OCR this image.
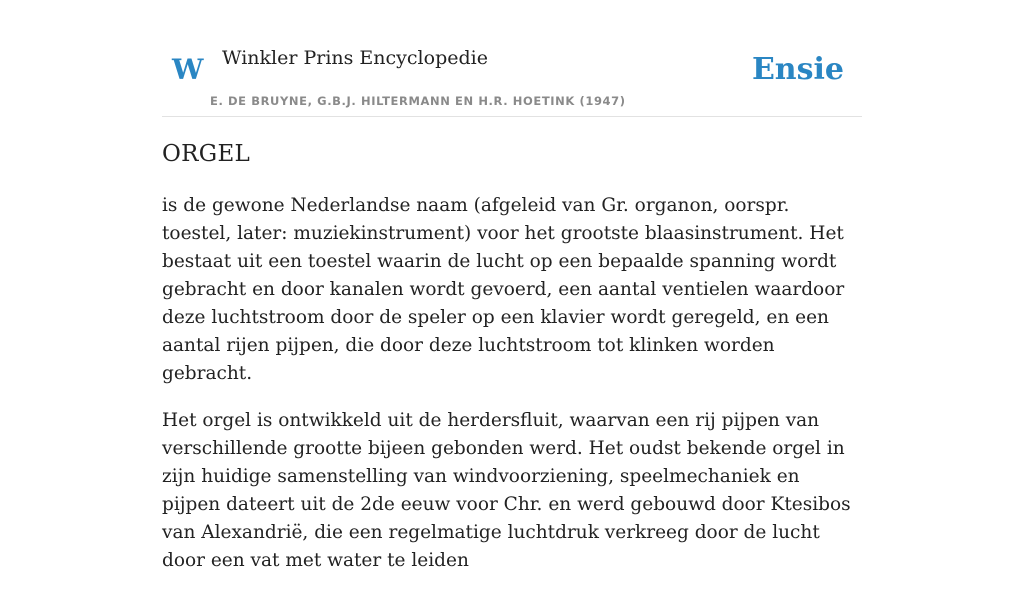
W Winkler Prins Encyclopedie
E. DE BRUYNE, G.B.J. HILTERMANN EN H.R. HOETINK (1947)
Ensie
ORGEL

is de gewone Nederlandse naam (afgeleid van Gr. organon, oorspr. toestel, later: muziekinstrument) voor het grootste blaasinstrument. Het bestaat uit een toestel waarin de lucht op een bepaalde spanning wordt gebracht en door kanalen wordt gevoerd, een aantal ventielen waardoor deze luchtstroom door de speler op een klavier wordt geregeld, en een aantal rijen pijpen, die door deze luchtstroom tot klinken worden gebracht.

Het orgel is ontwikkeld uit de herdersfluit, waarvan een rij pijpen van verschillende grootte bijeen gebonden werd. Het oudst bekende orgel in zijn huidige samenstelling van windvoorziening, speelmechaniek en pijpen dateert uit de 2de eeuw voor Chr. en werd gebouwd door Ktesibos van Alexandrië, die een regelmatige luchtdruk verkreeg door de lucht door een vat met water te leiden
